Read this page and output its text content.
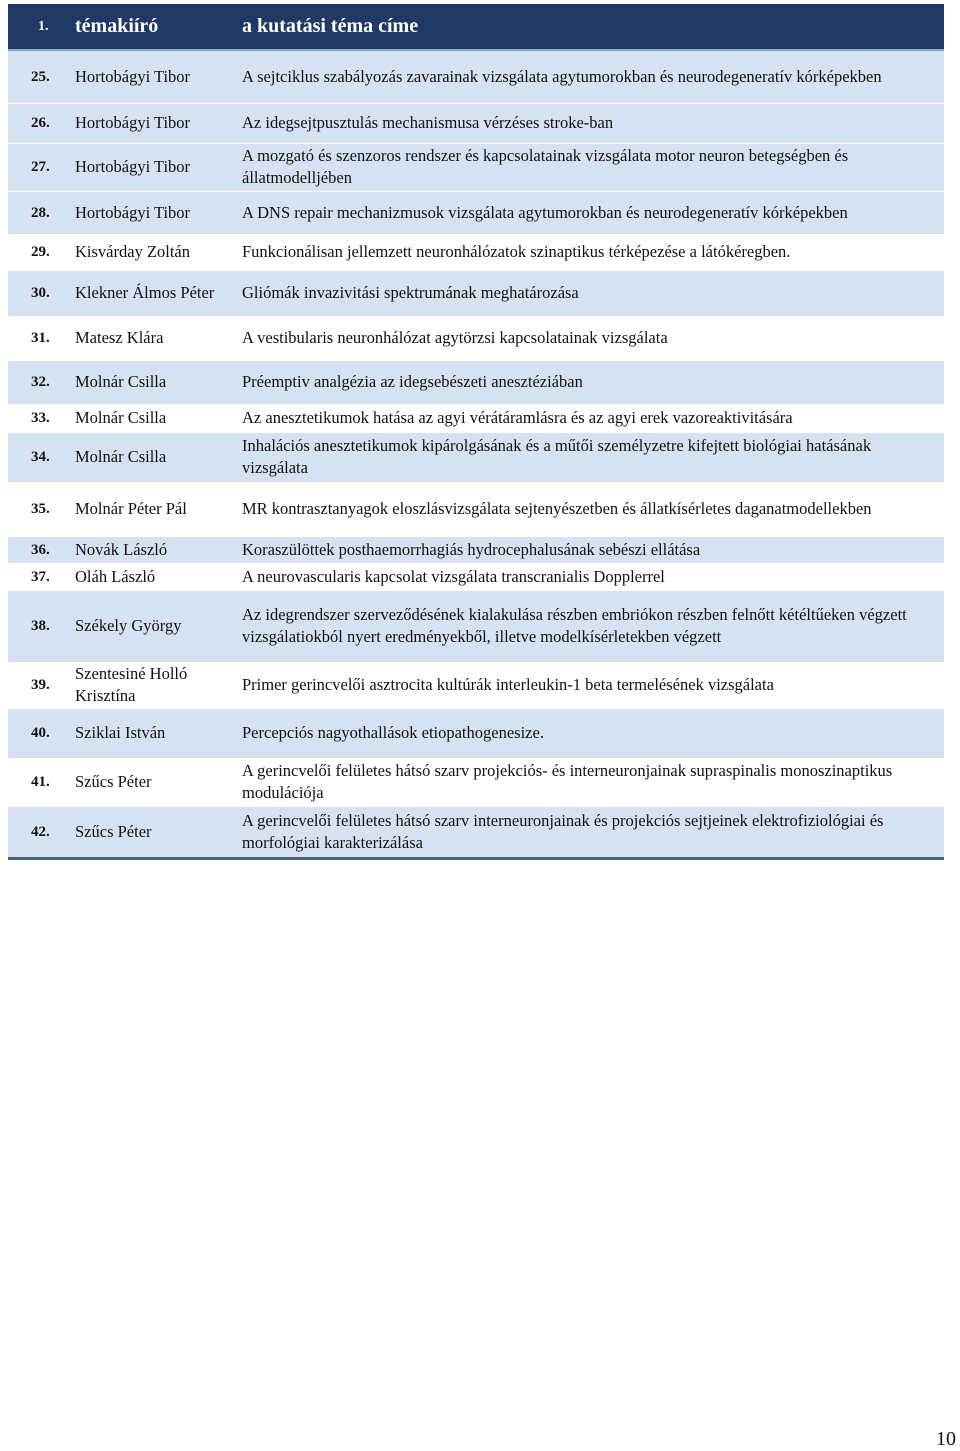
1.	témakiíró	a kutatási téma címe
25.	Hortobágyi Tibor	A sejtciklus szabályozás zavarainak vizsgálata agytumorokban és neurodegeneratív kórképekben
26.	Hortobágyi Tibor	Az idegsejtpusztulás mechanismusa vérzéses stroke-ban
27.	Hortobágyi Tibor	A mozgató és szenzoros rendszer és kapcsolatainak vizsgálata motor neuron betegségben és állatmodelljében
28.	Hortobágyi Tibor	A DNS repair mechanizmusok vizsgálata agytumorokban és neurodegeneratív kórképekben
29.	Kisvárday Zoltán	Funkcionálisan jellemzett neuronhálózatok szinaptikus térképezése a látókéregben.
30.	Klekner Álmos Péter	Gliómák invazivitási spektrumának meghatározása
31.	Matesz Klára	A vestibularis neuronhálózat agytörzsi kapcsolatainak vizsgálata
32.	Molnár Csilla	Préemptiv analgézia az idegsebészeti anesztéziában
33.	Molnár Csilla	Az anesztetikumok hatása az agyi vérátáramlásra és az agyi erek vazoreaktivitására
34.	Molnár Csilla	Inhalációs anesztetikumok kipárolgásának és a műtői személyzetre kifejtett biológiai hatásának vizsgálata
35.	Molnár Péter Pál	MR kontrasztanyagok eloszlásvizsgálata sejtenyészetben és állatkísérletes daganatmodellekben
36.	Novák László	Koraszülöttek posthaemorrhagiás hydrocephalusának sebészi ellátása
37.	Oláh László	A neurovascularis kapcsolat vizsgálata transcranialis Dopplerrel
38.	Székely György	Az idegrendszer szerveződésének kialakulása részben embriókon részben felnőtt kétéltűeken végzett vizsgálatiokból nyert eredményekből, illetve modelkísérletekben végzett
39.	Szentesiné Holló Krisztína	Primer gerincvelői asztrocita kultúrák interleukin-1 beta termelésének vizsgálata
40.	Sziklai István	Percepciós nagyothallások etiopathogenesize.
41.	Szűcs Péter	A gerincvelői felületes hátsó szarv projekciós- és interneuronjainak supraspinalis monoszinaptikus modulációja
42.	Szűcs Péter	A gerincvelői felületes hátsó szarv interneuronjainak és projekciós sejtjeinek elektrofiziológiai és morfológiai karakterizálása
10
